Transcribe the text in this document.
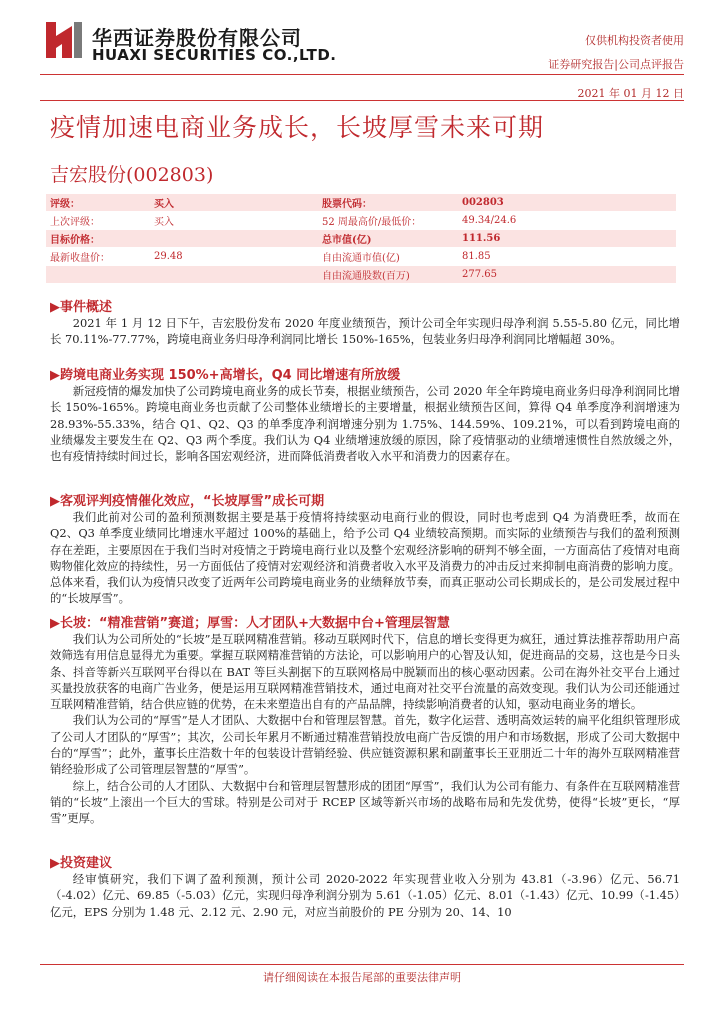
华西证券股份有限公司
HUAXI SECURITIES CO.,LTD.
仅供机构投资者使用
证券研究报告|公司点评报告
2021 年 01 月 12 日
疫情加速电商业务成长，长坡厚雪未来可期
吉宏股份(002803)
评级：	买入	股票代码：	002803
上次评级：	买入	52 周最高价/最低价：	49.34/24.6
目标价格：		总市值(亿)	111.56
最新收盘价：	29.48	自由流通市值(亿)	81.85
		自由流通股数(百万)	277.65
▶事件概述

2021 年 1 月 12 日下午，吉宏股份发布 2020 年度业绩预告，预计公司全年实现归母净利润 5.55-5.80 亿元，同比增长 70.11%-77.77%，跨境电商业务归母净利润同比增长 150%-165%，包装业务归母净利润同比增幅超 30%。

▶跨境电商业务实现 150%+高增长，Q4 同比增速有所放缓

新冠疫情的爆发加快了公司跨境电商业务的成长节奏，根据业绩预告，公司 2020 年全年跨境电商业务归母净利润同比增长 150%-165%。跨境电商业务也贡献了公司整体业绩增长的主要增量，根据业绩预告区间，算得 Q4 单季度净利润增速为 28.93%-55.33%，结合 Q1、Q2、Q3 的单季度净利润增速分别为 1.75%、144.59%、109.21%，可以看到跨境电商的业绩爆发主要发生在 Q2、Q3 两个季度。我们认为 Q4 业绩增速放缓的原因，除了疫情驱动的业绩增速惯性自然放缓之外，也有疫情持续时间过长，影响各国宏观经济，进而降低消费者收入水平和消费力的因素存在。

▶客观评判疫情催化效应，“长坡厚雪”成长可期

我们此前对公司的盈利预测数据主要是基于疫情将持续驱动电商行业的假设，同时也考虑到 Q4 为消费旺季，故而在 Q2、Q3 单季度业绩同比增速水平超过 100%的基础上，给予公司 Q4 业绩较高预期。而实际的业绩预告与我们的盈利预测存在差距，主要原因在于我们当时对疫情之于跨境电商行业以及整个宏观经济影响的研判不够全面，一方面高估了疫情对电商购物催化效应的持续性，另一方面低估了疫情对宏观经济和消费者收入水平及消费力的冲击反过来抑制电商消费的影响力度。总体来看，我们认为疫情只改变了近两年公司跨境电商业务的业绩释放节奏，而真正驱动公司长期成长的，是公司发展过程中的“长坡厚雪”。

▶长坡：“精准营销”赛道；厚雪：人才团队+大数据中台+管理层智慧

我们认为公司所处的“长坡”是互联网精准营销。移动互联网时代下，信息的增长变得更为疯狂，通过算法推荐帮助用户高效筛选有用信息显得尤为重要。掌握互联网精准营销的方法论，可以影响用户的心智及认知，促进商品的交易，这也是今日头条、抖音等新兴互联网平台得以在 BAT 等巨头割据下的互联网格局中脱颖而出的核心驱动因素。公司在海外社交平台上通过买量投放获客的电商广告业务，便是运用互联网精准营销技术，通过电商对社交平台流量的高效变现。我们认为公司还能通过互联网精准营销，结合供应链的优势，在未来塑造出自有的产品品牌，持续影响消费者的认知，驱动电商业务的增长。

我们认为公司的“厚雪”是人才团队、大数据中台和管理层智慧。首先，数字化运营、透明高效运转的扁平化组织管理形成了公司人才团队的“厚雪”；其次，公司长年累月不断通过精准营销投放电商广告反馈的用户和市场数据，形成了公司大数据中台的“厚雪”；此外，董事长庄浩数十年的包装设计营销经验、供应链资源积累和副董事长王亚朋近二十年的海外互联网精准营销经验形成了公司管理层智慧的“厚雪”。

综上，结合公司的人才团队、大数据中台和管理层智慧形成的团团“厚雪”，我们认为公司有能力、有条件在互联网精准营销的“长坡”上滚出一个巨大的雪球。特别是公司对于 RCEP 区域等新兴市场的战略布局和先发优势，使得“长坡”更长，“厚雪”更厚。

▶投资建议

经审慎研究，我们下调了盈利预测，预计公司 2020-2022 年实现营业收入分别为 43.81（-3.96）亿元、56.71（-4.02）亿元、69.85（-5.03）亿元，实现归母净利润分别为 5.61（-1.05）亿元、8.01（-1.43）亿元、10.99（-1.45）亿元，EPS 分别为 1.48 元、2.12 元、2.90 元，对应当前股价的 PE 分别为 20、14、10

请仔细阅读在本报告尾部的重要法律声明
